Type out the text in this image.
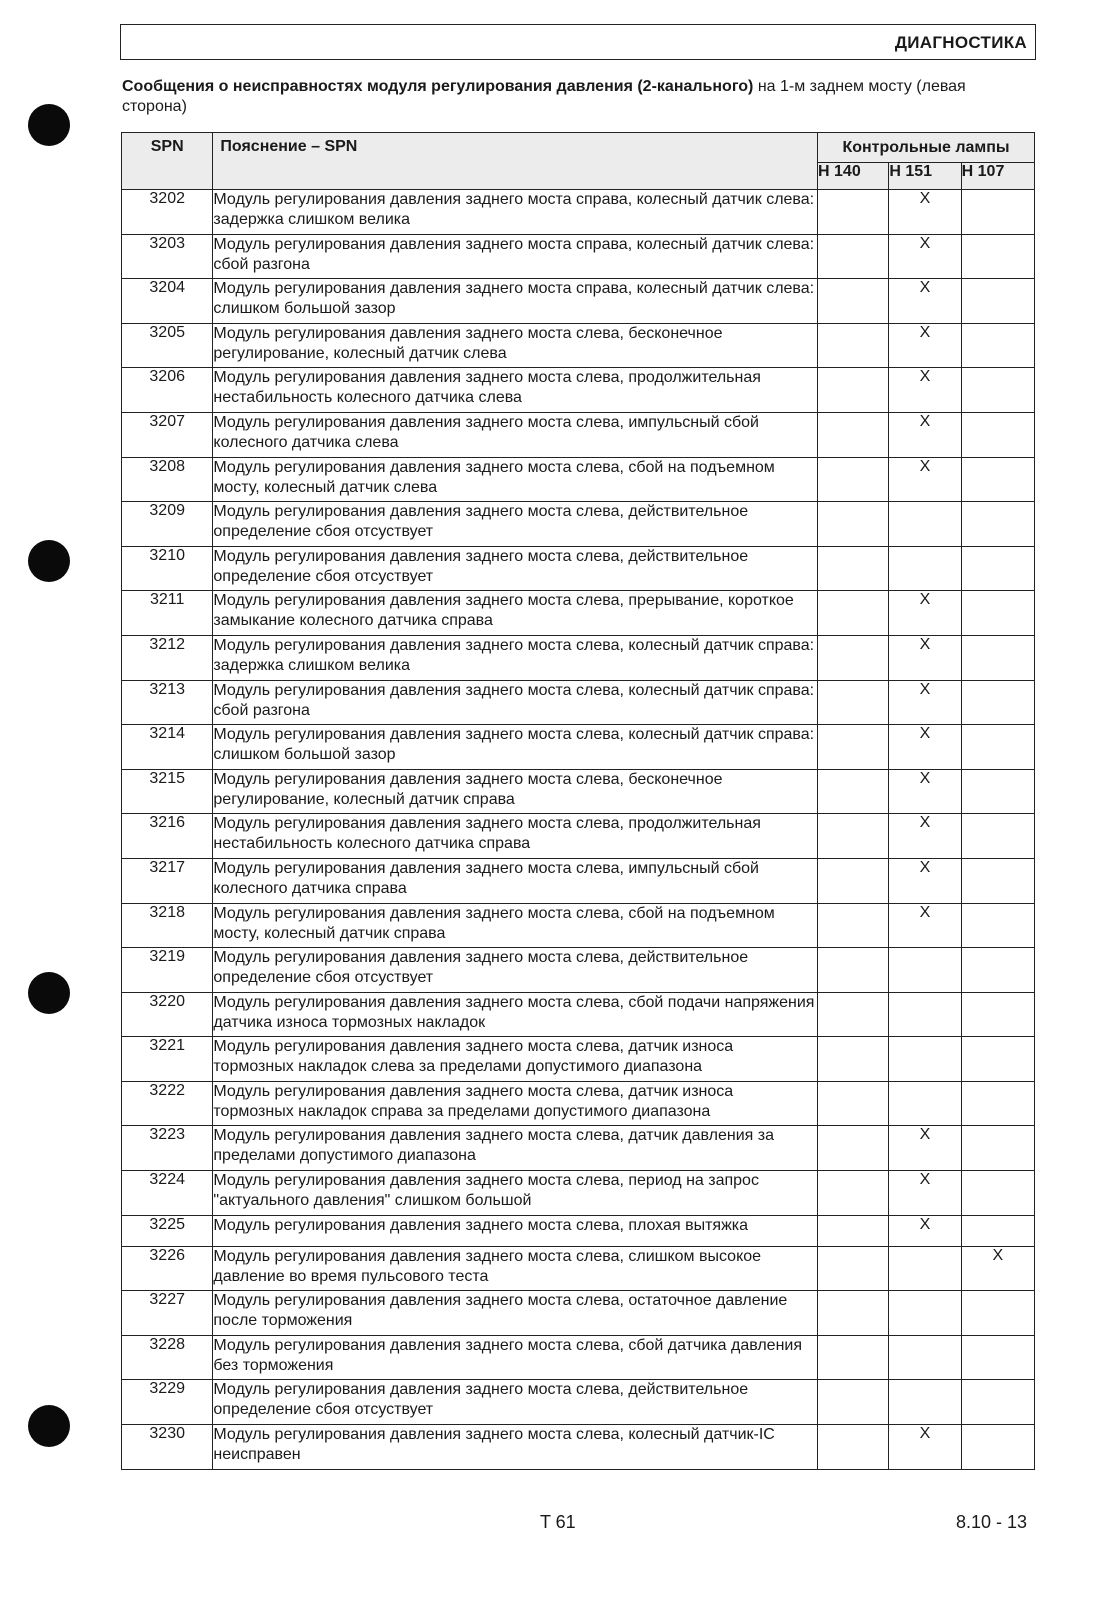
ДИАГНОСТИКА
Сообщения о неисправностях модуля регулирования давления (2-канального) на 1-м заднем мосту (левая сторона)
SPN	Пояснение – SPN	Контрольные лампы		
		H 140	H 151	H 107
3202	Модуль регулирования давления заднего моста справа, колесный датчик слева: задержка слишком велика		X	
3203	Модуль регулирования давления заднего моста справа, колесный датчик слева: сбой разгона		X	
3204	Модуль регулирования давления заднего моста справа, колесный датчик слева: слишком большой зазор		X	
3205	Модуль регулирования давления заднего моста слева, бесконечное регулирование, колесный датчик слева		X	
3206	Модуль регулирования давления заднего моста слева, продолжительная нестабильность колесного датчика слева		X	
3207	Модуль регулирования давления заднего моста слева, импульсный сбой колесного датчика слева		X	
3208	Модуль регулирования давления заднего моста слева, сбой на подъемном мосту, колесный датчик слева		X	
3209	Модуль регулирования давления заднего моста слева, действительное определение сбоя отсуствует			
3210	Модуль регулирования давления заднего моста слева, действительное определение сбоя отсуствует			
3211	Модуль регулирования давления заднего моста слева, прерывание, короткое замыкание колесного датчика справа		X	
3212	Модуль регулирования давления заднего моста слева, колесный датчик справа: задержка слишком велика		X	
3213	Модуль регулирования давления заднего моста слева, колесный датчик справа: сбой разгона		X	
3214	Модуль регулирования давления заднего моста слева, колесный датчик справа: слишком большой зазор		X	
3215	Модуль регулирования давления заднего моста слева, бесконечное регулирование, колесный датчик справа		X	
3216	Модуль регулирования давления заднего моста слева, продолжительная нестабильность колесного датчика справа		X	
3217	Модуль регулирования давления заднего моста слева, импульсный сбой колесного датчика справа		X	
3218	Модуль регулирования давления заднего моста слева, сбой на подъемном мосту, колесный датчик справа		X	
3219	Модуль регулирования давления заднего моста слева, действительное определение сбоя отсуствует			
3220	Модуль регулирования давления заднего моста слева, сбой подачи напряжения датчика износа тормозных накладок			
3221	Модуль регулирования давления заднего моста слева, датчик износа тормозных накладок слева за пределами допустимого диапазона			
3222	Модуль регулирования давления заднего моста слева, датчик износа тормозных накладок справа за пределами допустимого диапазона			
3223	Модуль регулирования давления заднего моста слева, датчик давления за пределами допустимого диапазона		X	
3224	Модуль регулирования давления заднего моста слева, период на запрос "актуального давления" слишком большой		X	
3225	Модуль регулирования давления заднего моста слева, плохая вытяжка		X	
3226	Модуль регулирования давления заднего моста слева, слишком высокое давление во время пульсового теста			X
3227	Модуль регулирования давления заднего моста слева, остаточное давление после торможения			
3228	Модуль регулирования давления заднего моста слева, сбой датчика давления без торможения			
3229	Модуль регулирования давления заднего моста слева, действительное определение сбоя отсуствует			
3230	Модуль регулирования давления заднего моста слева, колесный датчик-IC неисправен		X	
T 61	8.10 - 13
